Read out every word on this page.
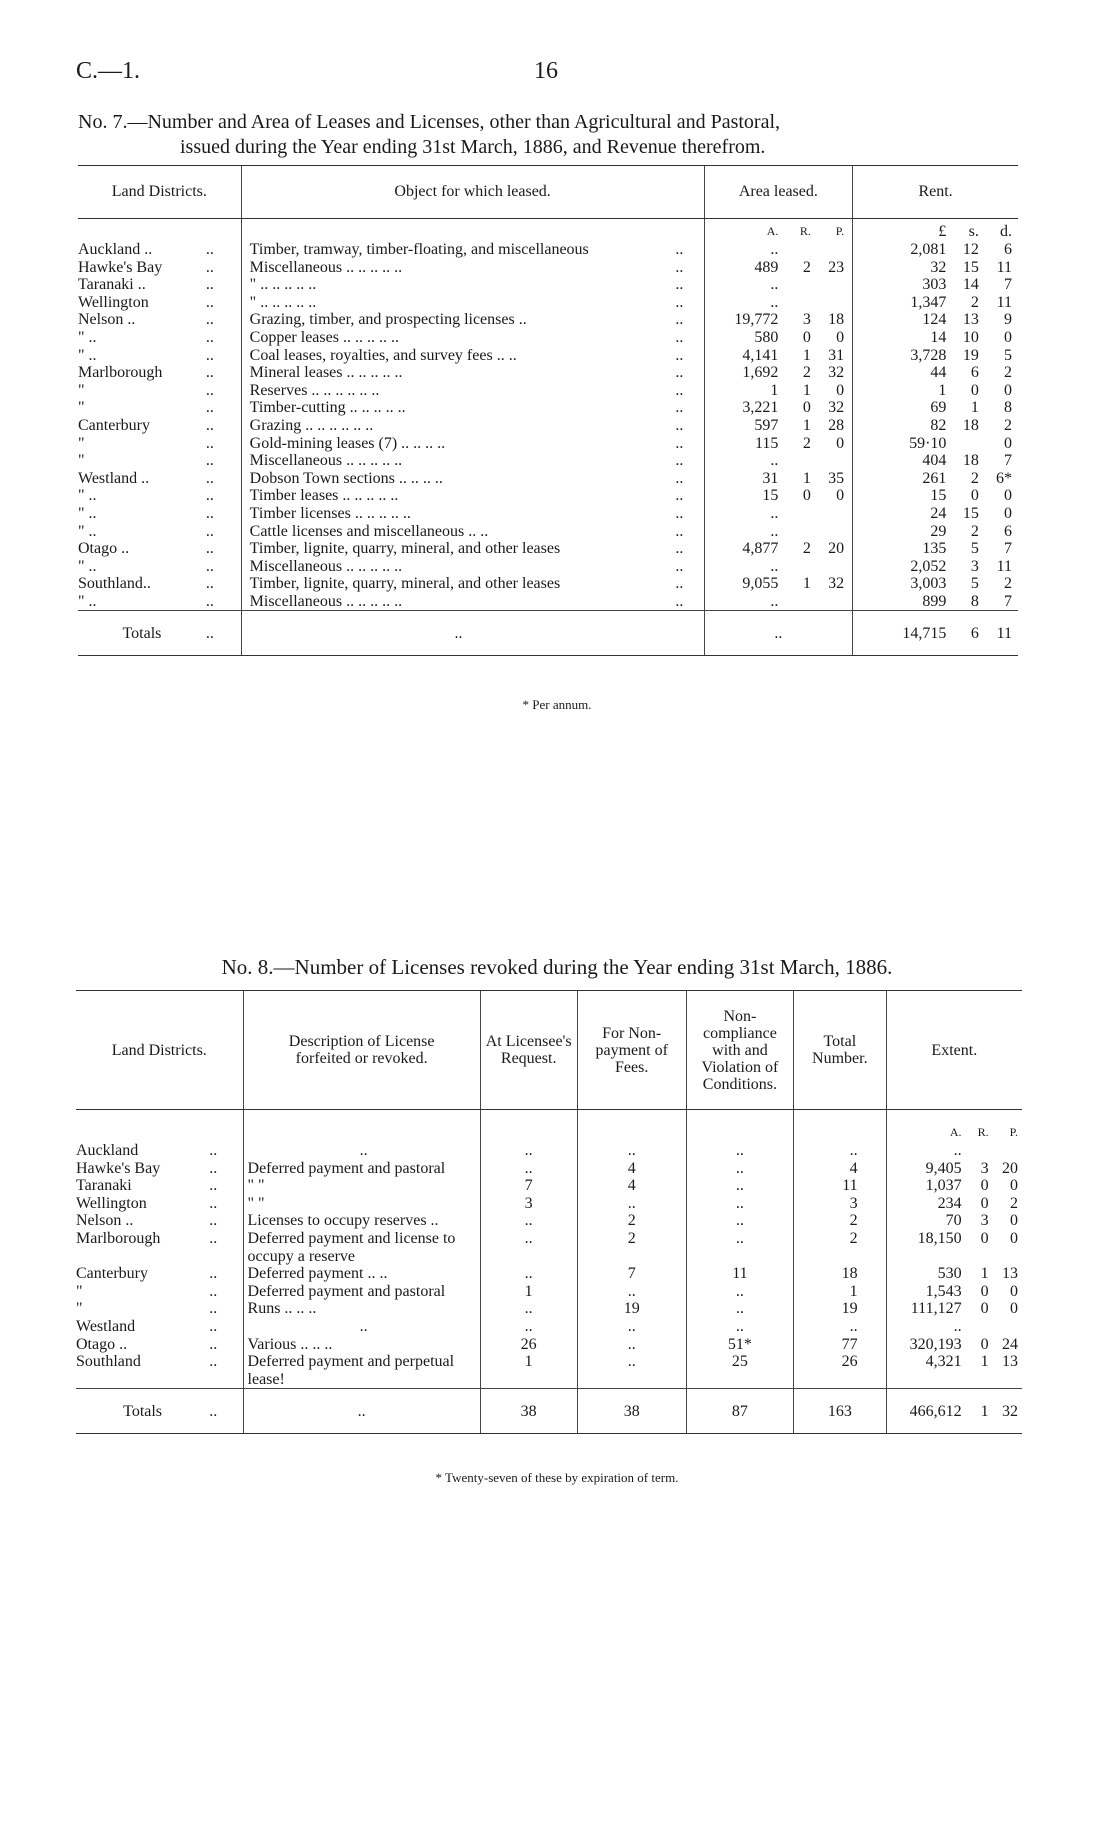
C.—1.	16
No. 7.—Number and Area of Leases and Licenses, other than Agricultural and Pastoral,
issued during the Year ending 31st March, 1886, and Revenue therefrom.
Land Districts.		Object for which leased.		Area leased.			Rent.		
				A.	R.	P.	£	s.	d.
Auckland ..	..	Timber, tramway, timber-floating, and miscellaneous	..	..			2,081	12	6
Hawke's Bay	..	Miscellaneous .. .. .. .. ..	..	489	2	23	32	15	11
Taranaki ..	..	" .. .. .. .. ..	..	..			303	14	7
Wellington	..	" .. .. .. .. ..	..	..			1,347	2	11
Nelson ..	..	Grazing, timber, and prospecting licenses ..	..	19,772	3	18	124	13	9
" ..	..	Copper leases .. .. .. .. ..	..	580	0	0	14	10	0
" ..	..	Coal leases, royalties, and survey fees .. ..	..	4,141	1	31	3,728	19	5
Marlborough	..	Mineral leases .. .. .. .. ..	..	1,692	2	32	44	6	2
"	..	Reserves .. .. .. .. .. ..	..	1	1	0	1	0	0
"	..	Timber-cutting .. .. .. .. ..	..	3,221	0	32	69	1	8
Canterbury	..	Grazing .. .. .. .. .. ..	..	597	1	28	82	18	2
"	..	Gold-mining leases (7) .. .. .. ..	..	115	2	0	59·10		0
"	..	Miscellaneous .. .. .. .. ..	..	..			404	18	7
Westland ..	..	Dobson Town sections .. .. .. ..	..	31	1	35	261	2	6*
" ..	..	Timber leases .. .. .. .. ..	..	15	0	0	15	0	0
" ..	..	Timber licenses .. .. .. .. ..	..	..			24	15	0
" ..	..	Cattle licenses and miscellaneous .. ..	..	..			29	2	6
Otago ..	..	Timber, lignite, quarry, mineral, and other leases	..	4,877	2	20	135	5	7
" ..	..	Miscellaneous .. .. .. .. ..	..	..			2,052	3	11
Southland..	..	Timber, lignite, quarry, mineral, and other leases	..	9,055	1	32	3,003	5	2
" ..	..	Miscellaneous .. .. .. .. ..	..	..			899	8	7
Totals	..	..		..			14,715	6	11
* Per annum.
No. 8.—Number of Licenses revoked during the Year ending 31st March, 1886.
Land Districts.		Description of License forfeited or revoked.	At Licensee's Request.	For Non-payment of Fees.	Non-compliance with and Violation of Conditions.	Total Number.	Extent.		
							A.	R.	P.
Auckland	..	..	..	..	..	..	..		
Hawke's Bay	..	Deferred payment and pastoral	..	4	..	4	9,405	3	20
Taranaki	..	" "	7	4	..	11	1,037	0	0
Wellington	..	" "	3	..	..	3	234	0	2
Nelson ..	..	Licenses to occupy reserves ..	..	2	..	2	70	3	0
Marlborough	..	Deferred payment and license to occupy a reserve	..	2	..	2	18,150	0	0
Canterbury	..	Deferred payment .. ..	..	7	11	18	530	1	13
"	..	Deferred payment and pastoral	1	..	..	1	1,543	0	0
"	..	Runs .. .. ..	..	19	..	19	111,127	0	0
Westland	..	..	..	..	..	..	..		
Otago ..	..	Various .. .. ..	26	..	51*	77	320,193	0	24
Southland	..	Deferred payment and perpetual lease!	1	..	25	26	4,321	1	13
Totals	..	..	38	38	87	163	466,612	1	32
* Twenty-seven of these by expiration of term.
